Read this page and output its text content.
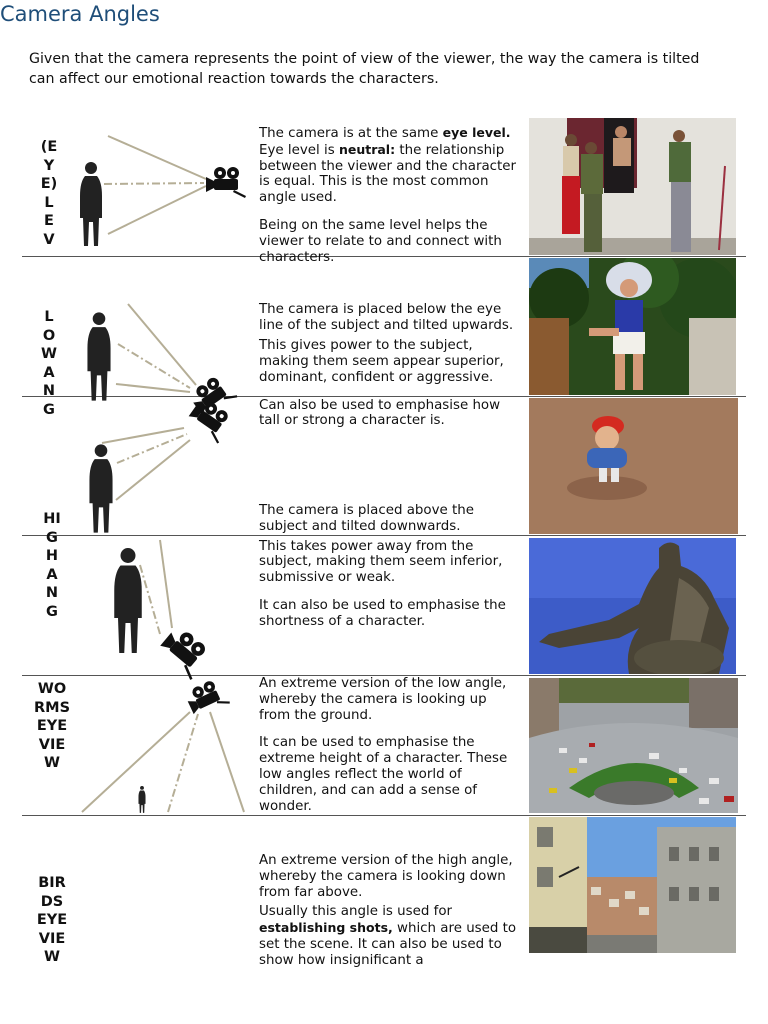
Camera Angles
Given that the camera represents the point of view of the viewer, the way the camera is tilted can affect our emotional reaction towards the characters.
(E
Y
E)
L
E
V
L
O
W
A
N
G
HI
G
H
A
N
G
WO
RMS
EYE
VIE
W
BIR
DS
EYE
VIE
W

The camera is at the same eye level. Eye level is neutral: the relationship between the viewer and the character is equal. This is the most common angle used.

Being on the same level helps the viewer to relate to and connect with characters.

The camera is placed below the eye line of the subject and tilted upwards.

This gives power to the subject, making them seem appear superior, dominant, confident or aggressive.

Can also be used to emphasise how tall or strong a character is.

The camera is placed above the subject and tilted downwards.

This takes power away from the subject, making them seem inferior, submissive or weak.

It can also be used to emphasise the shortness of a character.

An extreme version of the low angle, whereby the camera is looking up from the ground.

It can be used to emphasise the extreme height of a character. These low angles reflect the world of children, and can add a sense of wonder.

An extreme version of the high angle, whereby the camera is looking down from far above.

Usually this angle is used for establishing shots, which are used to set the scene. It can also be used to show how insignificant a
